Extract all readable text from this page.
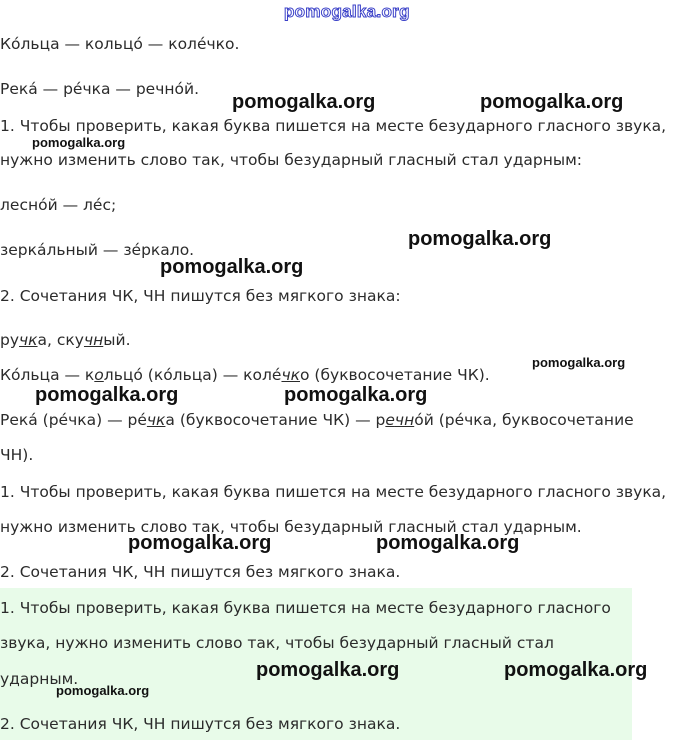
pomogalka.org
Ко́льца — кольцо́ — коле́чко.
Река́ — ре́чка — речно́й.
1. Чтобы проверить, какая буква пишется на месте безударного гласного звука,
нужно изменить слово так, чтобы безударный гласный стал ударным:
лесно́й — ле́с;
зерка́льный — зе́ркало.
2. Сочетания ЧК, ЧН пишутся без мягкого знака:
ручка, скучный.
Ко́льца — кольцо́ (ко́льца) — коле́чко (буквосочетание ЧК).
Река́ (ре́чка) — ре́чка (буквосочетание ЧК) — речно́й (ре́чка, буквосочетание
ЧН).
1. Чтобы проверить, какая буква пишется на месте безударного гласного звука,
нужно изменить слово так, чтобы безударный гласный стал ударным.
2. Сочетания ЧК, ЧН пишутся без мягкого знака.
1. Чтобы проверить, какая буква пишется на месте безударного гласного
звука, нужно изменить слово так, чтобы безударный гласный стал
ударным.
2. Сочетания ЧК, ЧН пишутся без мягкого знака.
pomogalka.org	pomogalka.org
pomogalka.org
pomogalka.org
pomogalka.org
pomogalka.org
pomogalka.org	pomogalka.org
pomogalka.org	pomogalka.org
pomogalka.org	pomogalka.org
pomogalka.org
